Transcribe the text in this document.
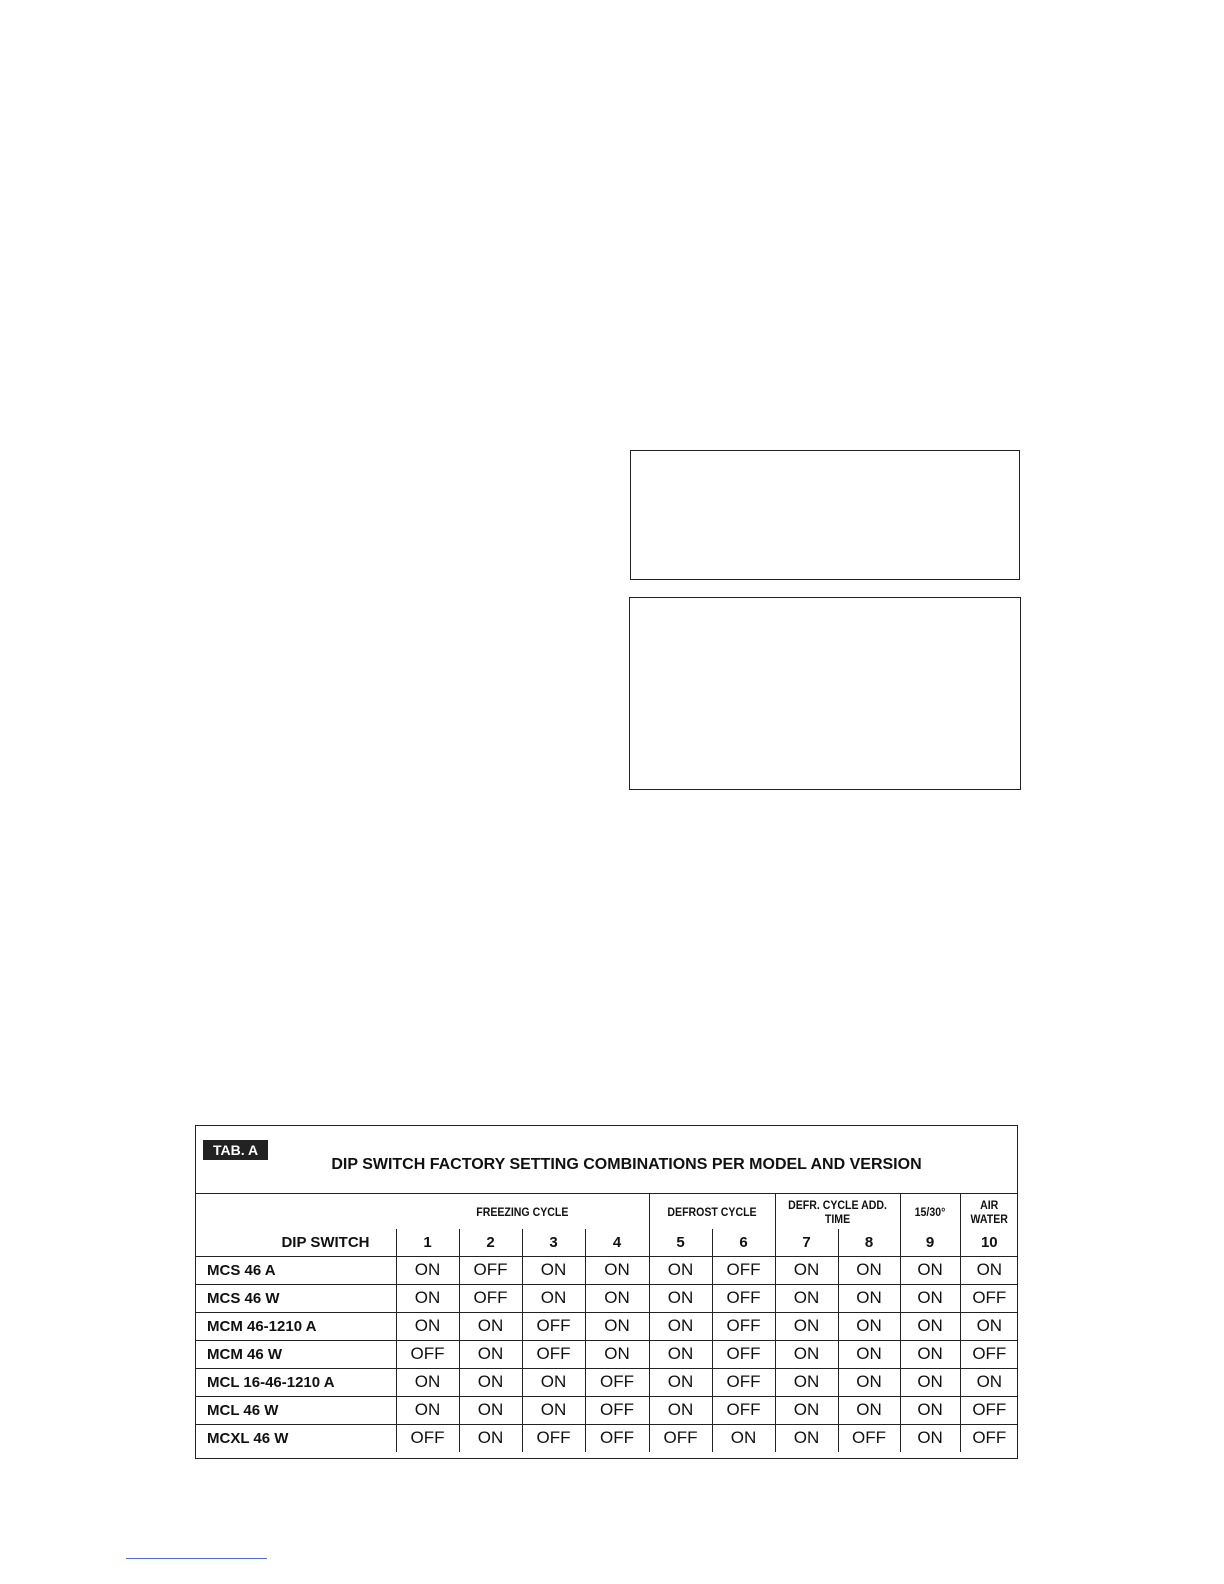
TAB. A
DIP SWITCH FACTORY SETTING COMBINATIONS PER MODEL AND VERSION
	FREEZING CYCLE				DEFROST CYCLE		DEFR. CYCLE ADD. TIME		15/30°	AIR WATER
DIP SWITCH	1	2	3	4	5	6	7	8	9	10
MCS 46 A	ON	OFF	ON	ON	ON	OFF	ON	ON	ON	ON
MCS 46 W	ON	OFF	ON	ON	ON	OFF	ON	ON	ON	OFF
MCM 46-1210 A	ON	ON	OFF	ON	ON	OFF	ON	ON	ON	ON
MCM 46 W	OFF	ON	OFF	ON	ON	OFF	ON	ON	ON	OFF
MCL 16-46-1210 A	ON	ON	ON	OFF	ON	OFF	ON	ON	ON	ON
MCL 46 W	ON	ON	ON	OFF	ON	OFF	ON	ON	ON	OFF
MCXL 46 W	OFF	ON	OFF	OFF	OFF	ON	ON	OFF	ON	OFF
